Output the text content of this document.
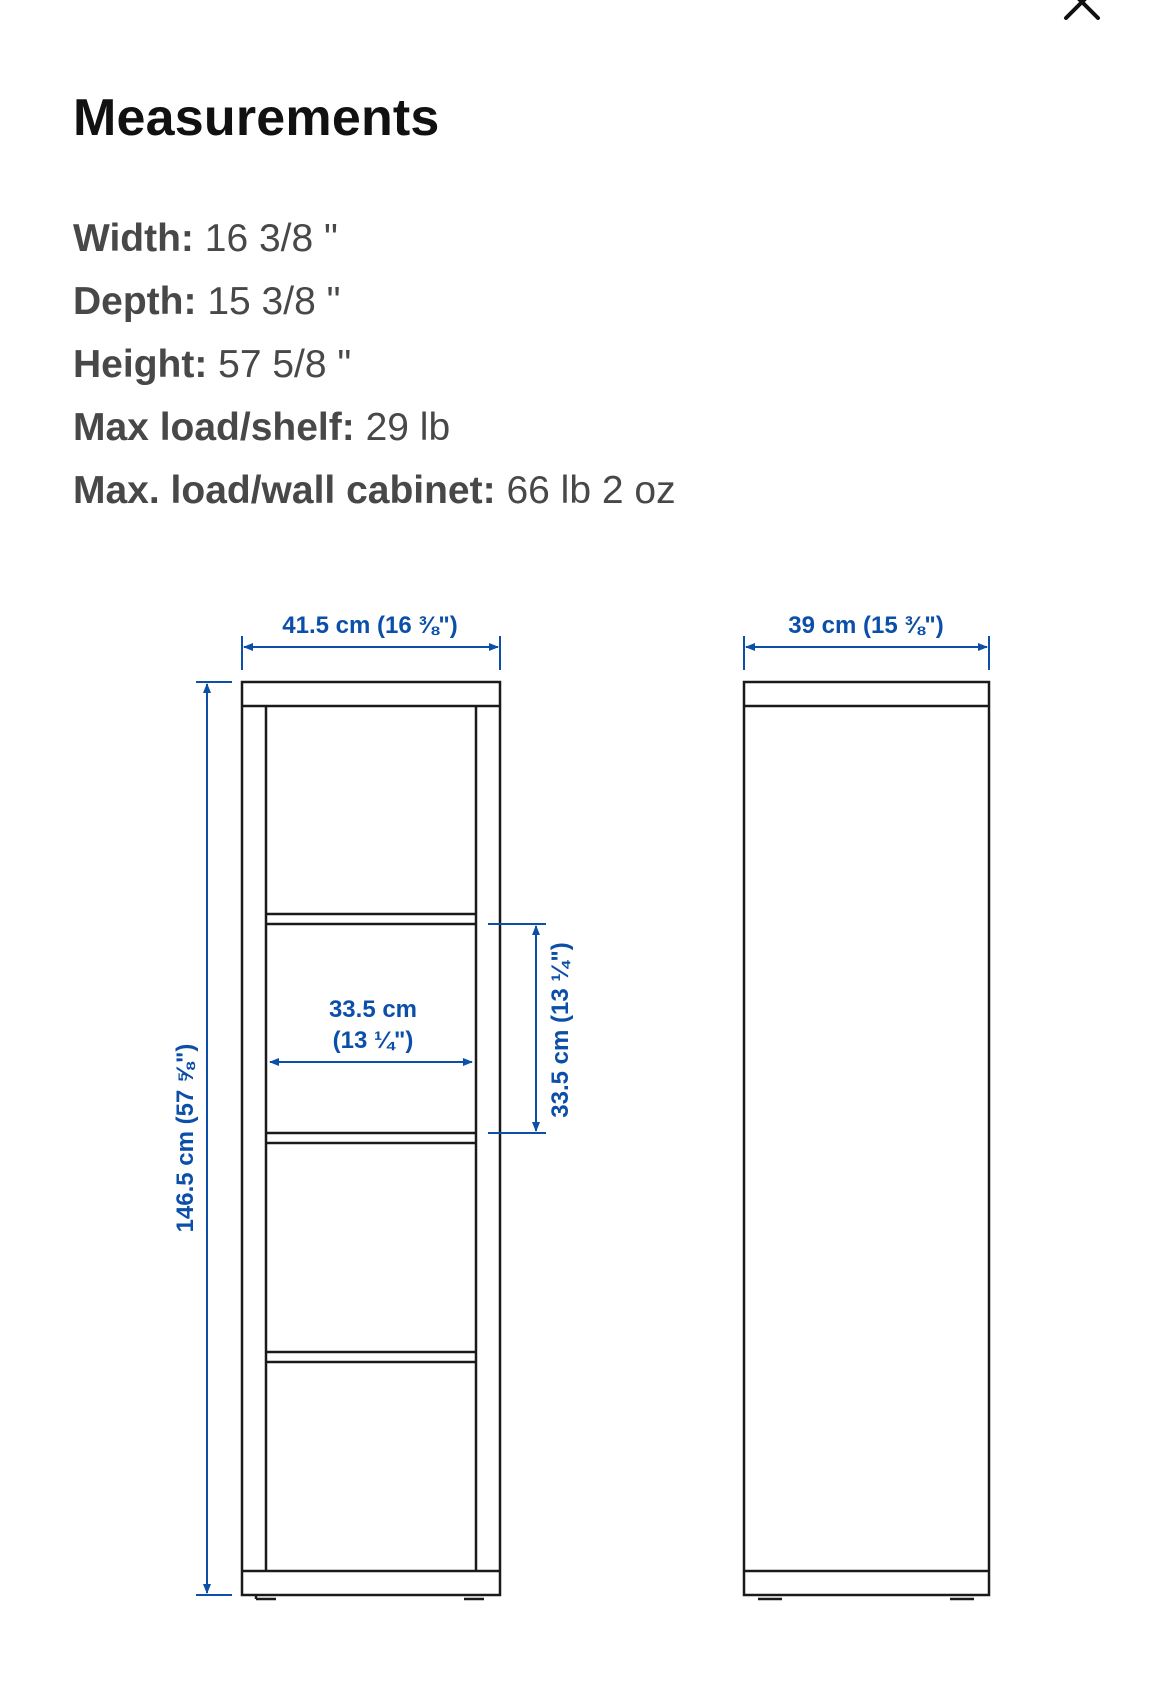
Measurements
Width: 16 3/8 "
Depth: 15 3/8 "
Height: 57 5/8 "
Max load/shelf: 29 lb
Max. load/wall cabinet: 66 lb 2 oz
41.5 cm (16 ⅜")	39 cm (15 ⅜")
146.5 cm (57 ⅝")
33.5 cm
(13 ¼")	33.5 cm (13 ¼")
